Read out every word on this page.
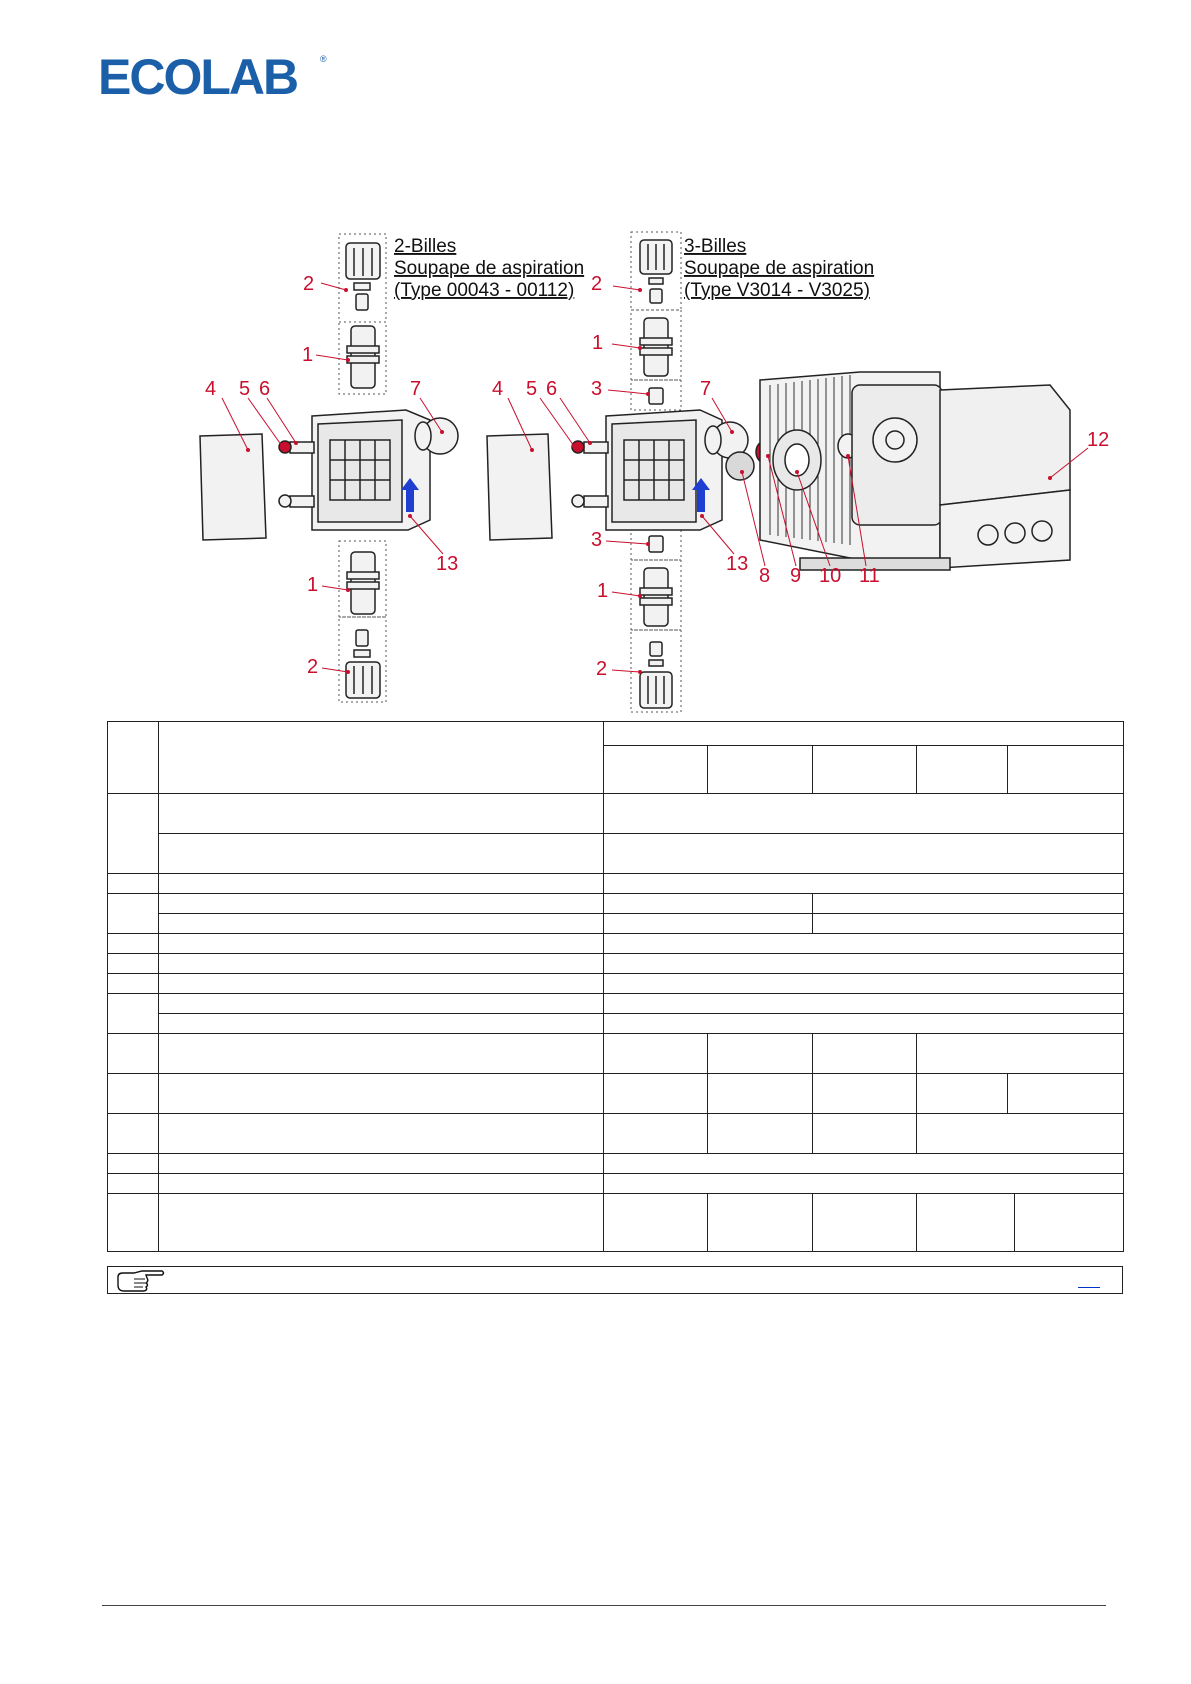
ECOLAB	®
2
1
4 5 6	7
13
1
2
2
1
3
4 5 6	7
3
1
2
13
8 9 10 11
12
2-Billes
Soupape de aspiration
(Type 00043 - 00112)
3-Billes
Soupape de aspiration
(Type V3014 - V3025)
